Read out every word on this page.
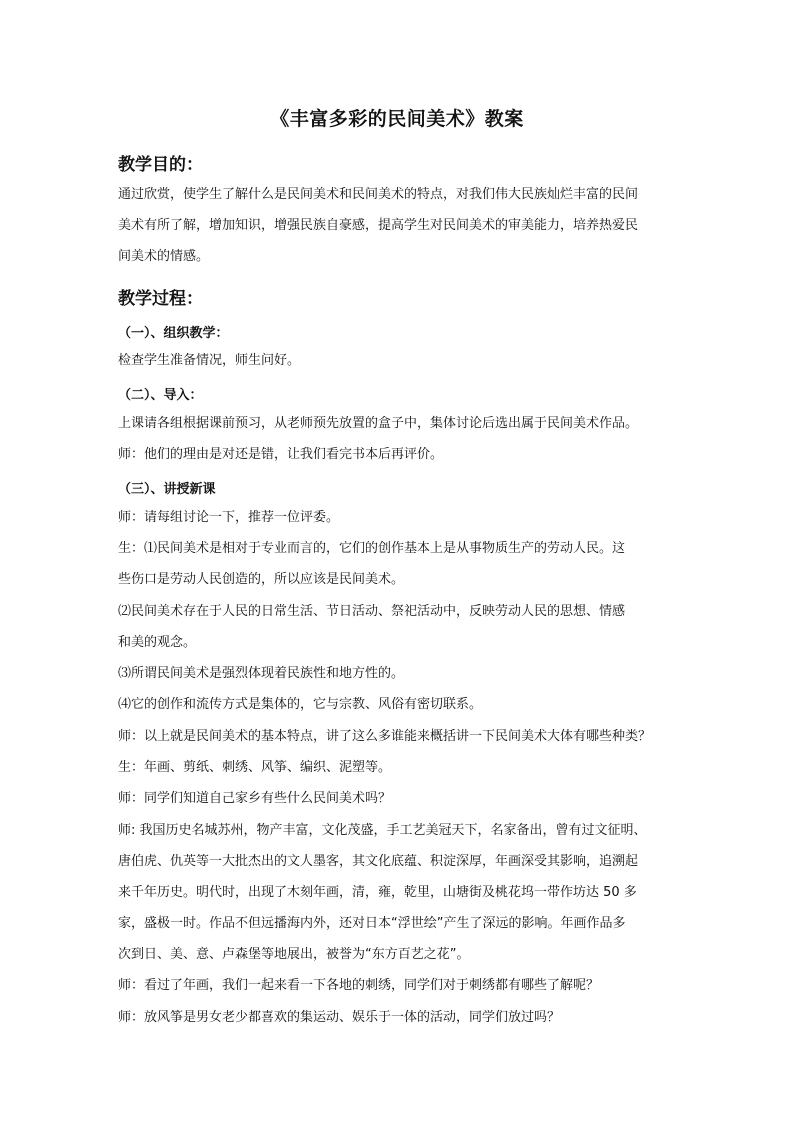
《丰富多彩的民间美术》教案
教学目的：
通过欣赏，使学生了解什么是民间美术和民间美术的特点，对我们伟大民族灿烂丰富的民间
美术有所了解，增加知识，增强民族自豪感，提高学生对民间美术的审美能力，培养热爱民
间美术的情感。
教学过程：
（一）、组织教学：
检查学生准备情况，师生问好。
（二）、导入：
上课请各组根据课前预习，从老师预先放置的盒子中，集体讨论后选出属于民间美术作品。
师：他们的理由是对还是错，让我们看完书本后再评价。
（三）、讲授新课
师：请每组讨论一下，推荐一位评委。
生：⑴民间美术是相对于专业而言的，它们的创作基本上是从事物质生产的劳动人民。这
些伤口是劳动人民创造的，所以应该是民间美术。
⑵民间美术存在于人民的日常生活、节日活动、祭祀活动中，反映劳动人民的思想、情感
和美的观念。
⑶所谓民间美术是强烈体现着民族性和地方性的。
⑷它的创作和流传方式是集体的，它与宗教、风俗有密切联系。
师：以上就是民间美术的基本特点，讲了这么多谁能来概括讲一下民间美术大体有哪些种类？
生：年画、剪纸、刺绣、风筝、编织、泥塑等。
师：同学们知道自己家乡有些什么民间美术吗？
师: 我国历史名城苏州，物产丰富，文化茂盛，手工艺美冠天下，名家备出，曾有过文征明、
唐伯虎、仇英等一大批杰出的文人墨客，其文化底蕴、积淀深厚，年画深受其影响，追溯起
来千年历史。明代时，出现了木刻年画，清，雍，乾里，山塘街及桃花坞一带作坊达 50 多
家，盛极一时。作品不但远播海内外，还对日本“浮世绘”产生了深远的影响。年画作品多
次到日、美、意、卢森堡等地展出，被誉为“东方百艺之花”。
师：看过了年画，我们一起来看一下各地的刺绣，同学们对于刺绣都有哪些了解呢？
师：放风筝是男女老少都喜欢的集运动、娱乐于一体的活动，同学们放过吗？
